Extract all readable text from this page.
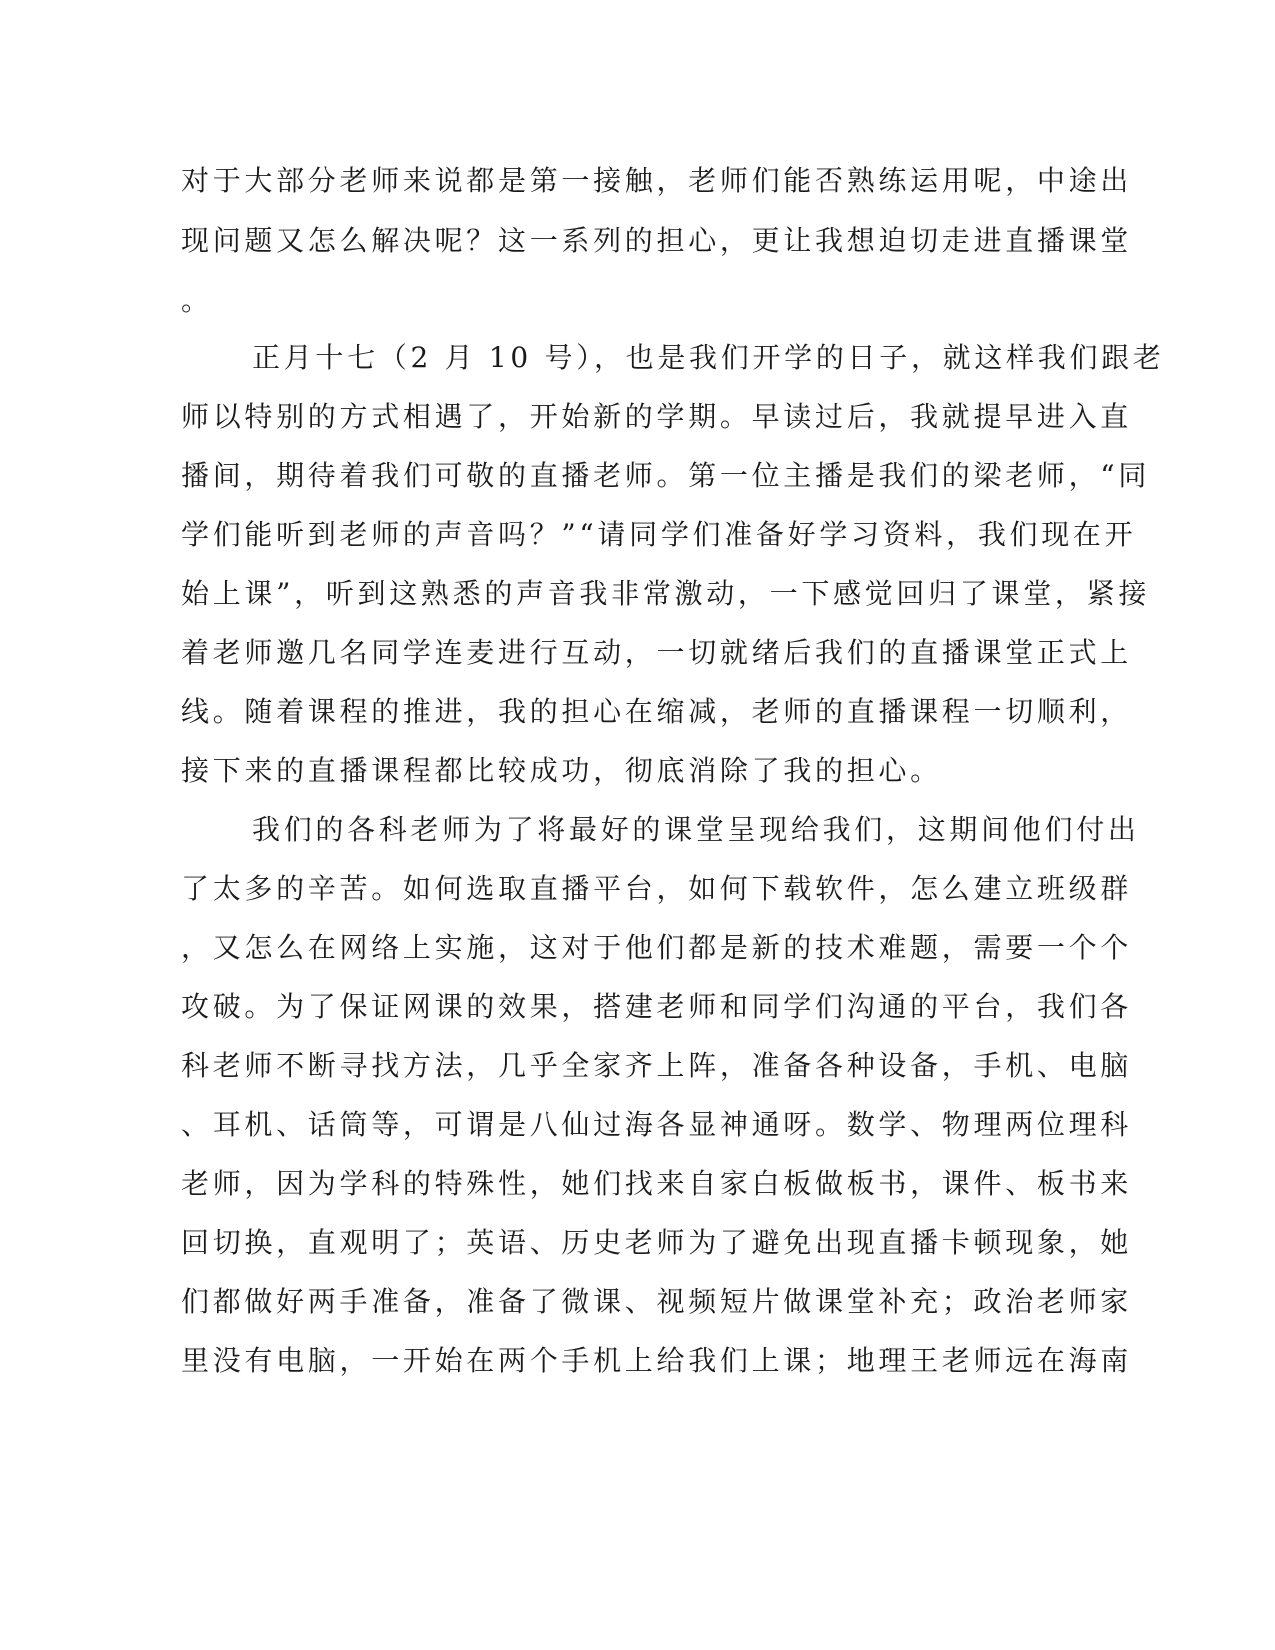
对于大部分老师来说都是第一接触，老师们能否熟练运用呢，中途出
现问题又怎么解决呢？这一系列的担心，更让我想迫切走进直播课堂
。
正月十七（2 月 10 号），也是我们开学的日子，就这样我们跟老
师以特别的方式相遇了，开始新的学期。早读过后，我就提早进入直
播间，期待着我们可敬的直播老师。第一位主播是我们的梁老师，“同
学们能听到老师的声音吗？”“请同学们准备好学习资料，我们现在开
始上课”，听到这熟悉的声音我非常激动，一下感觉回归了课堂，紧接
着老师邀几名同学连麦进行互动，一切就绪后我们的直播课堂正式上
线。随着课程的推进，我的担心在缩减，老师的直播课程一切顺利，
接下来的直播课程都比较成功，彻底消除了我的担心。
我们的各科老师为了将最好的课堂呈现给我们，这期间他们付出
了太多的辛苦。如何选取直播平台，如何下载软件，怎么建立班级群
，又怎么在网络上实施，这对于他们都是新的技术难题，需要一个个
攻破。为了保证网课的效果，搭建老师和同学们沟通的平台，我们各
科老师不断寻找方法，几乎全家齐上阵，准备各种设备，手机、电脑
、耳机、话筒等，可谓是八仙过海各显神通呀。数学、物理两位理科
老师，因为学科的特殊性，她们找来自家白板做板书，课件、板书来
回切换，直观明了；英语、历史老师为了避免出现直播卡顿现象，她
们都做好两手准备，准备了微课、视频短片做课堂补充；政治老师家
里没有电脑，一开始在两个手机上给我们上课；地理王老师远在海南
